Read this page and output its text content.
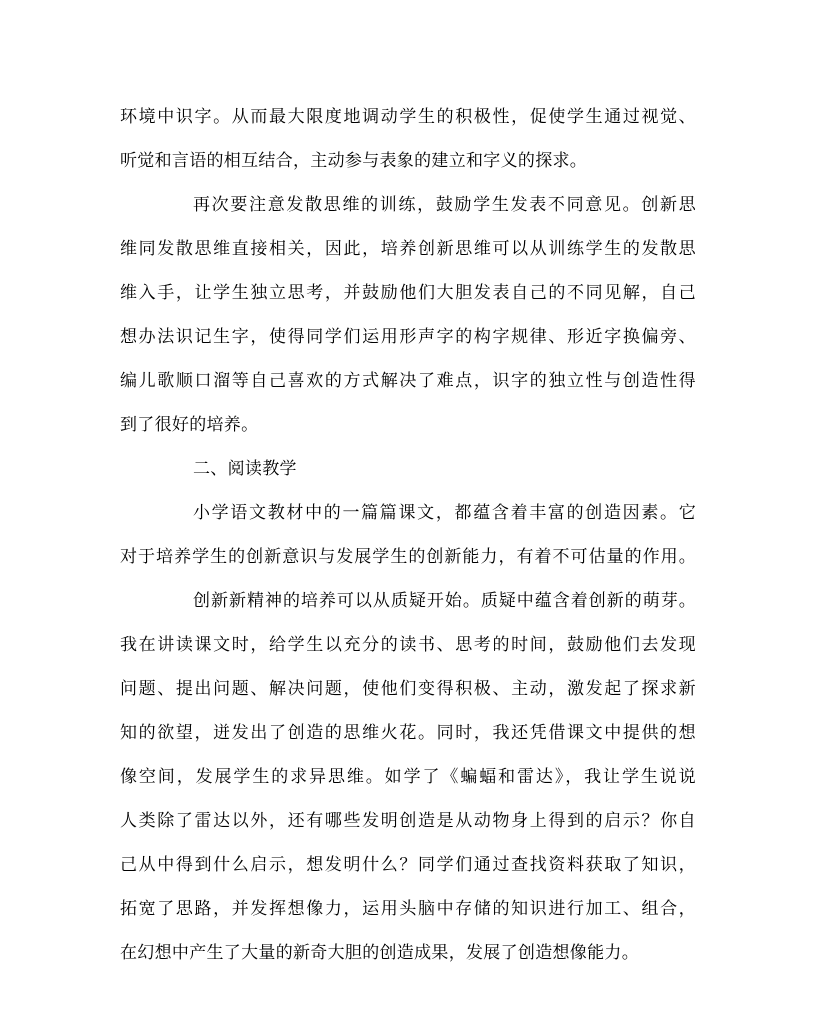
环境中识字。从而最大限度地调动学生的积极性，促使学生通过视觉、
听觉和言语的相互结合，主动参与表象的建立和字义的探求。
再次要注意发散思维的训练，鼓励学生发表不同意见。创新思
维同发散思维直接相关，因此，培养创新思维可以从训练学生的发散思
维入手，让学生独立思考，并鼓励他们大胆发表自己的不同见解，自己
想办法识记生字，使得同学们运用形声字的构字规律、形近字换偏旁、
编儿歌顺口溜等自己喜欢的方式解决了难点，识字的独立性与创造性得
到了很好的培养。
二、阅读教学
小学语文教材中的一篇篇课文，都蕴含着丰富的创造因素。它
对于培养学生的创新意识与发展学生的创新能力，有着不可估量的作用。
创新新精神的培养可以从质疑开始。质疑中蕴含着创新的萌芽。
我在讲读课文时，给学生以充分的读书、思考的时间，鼓励他们去发现
问题、提出问题、解决问题，使他们变得积极、主动，激发起了探求新
知的欲望，迸发出了创造的思维火花。同时，我还凭借课文中提供的想
像空间，发展学生的求异思维。如学了《蝙蝠和雷达》，我让学生说说
人类除了雷达以外，还有哪些发明创造是从动物身上得到的启示？你自
己从中得到什么启示，想发明什么？同学们通过查找资料获取了知识，
拓宽了思路，并发挥想像力，运用头脑中存储的知识进行加工、组合，
在幻想中产生了大量的新奇大胆的创造成果，发展了创造想像能力。
